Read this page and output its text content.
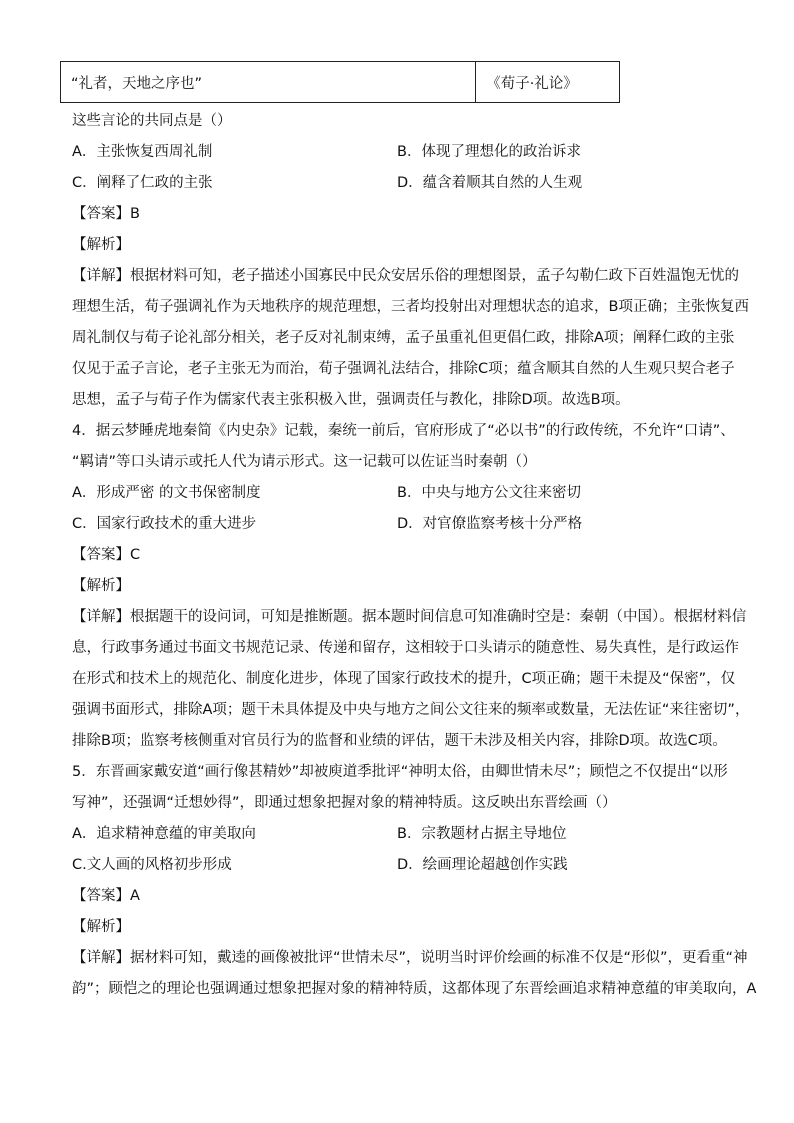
“礼者，天地之序也”	《荀子·礼论》
这些言论的共同点是（）
A．主张恢复西周礼制	B．体现了理想化的政治诉求
C．阐释了仁政的主张	D．蕴含着顺其自然的人生观
【答案】B
【解析】
【详解】根据材料可知，老子描述小国寡民中民众安居乐俗的理想图景，孟子勾勒仁政下百姓温饱无忧的
理想生活，荀子强调礼作为天地秩序的规范理想，三者均投射出对理想状态的追求，B项正确；主张恢复西
周礼制仅与荀子论礼部分相关，老子反对礼制束缚，孟子虽重礼但更倡仁政，排除A项；阐释仁政的主张
仅见于孟子言论，老子主张无为而治，荀子强调礼法结合，排除C项；蕴含顺其自然的人生观只契合老子
思想，孟子与荀子作为儒家代表主张积极入世，强调责任与教化，排除D项。故选B项。
4．据云梦睡虎地秦简《内史杂》记载，秦统一前后，官府形成了“必以书”的行政传统，不允许“口请”、
“羁请”等口头请示或托人代为请示形式。这一记载可以佐证当时秦朝（）
A．形成严密 的文书保密制度	B．中央与地方公文往来密切
C．国家行政技术的重大进步	D．对官僚监察考核十分严格
【答案】C
【解析】
【详解】根据题干的设问词，可知是推断题。据本题时间信息可知准确时空是：秦朝（中国）。根据材料信
息，行政事务通过书面文书规范记录、传递和留存，这相较于口头请示的随意性、易失真性，是行政运作
在形式和技术上的规范化、制度化进步，体现了国家行政技术的提升，C项正确；题干未提及“保密”，仅
强调书面形式，排除A项；题干未具体提及中央与地方之间公文往来的频率或数量，无法佐证“来往密切”，
排除B项；监察考核侧重对官员行为的监督和业绩的评估，题干未涉及相关内容，排除D项。故选C项。
5．东晋画家戴安道“画行像甚精妙”却被庾道季批评“神明太俗，由卿世情未尽”；顾恺之不仅提出“以形
写神”，还强调“迁想妙得”，即通过想象把握对象的精神特质。这反映出东晋绘画（）
A．追求精神意蕴的审美取向	B．宗教题材占据主导地位
C.文人画的风格初步形成	D．绘画理论超越创作实践
【答案】A
【解析】
【详解】据材料可知，戴逵的画像被批评“世情未尽”，说明当时评价绘画的标准不仅是“形似”，更看重“神
韵”；顾恺之的理论也强调通过想象把握对象的精神特质，这都体现了东晋绘画追求精神意蕴的审美取向，A
